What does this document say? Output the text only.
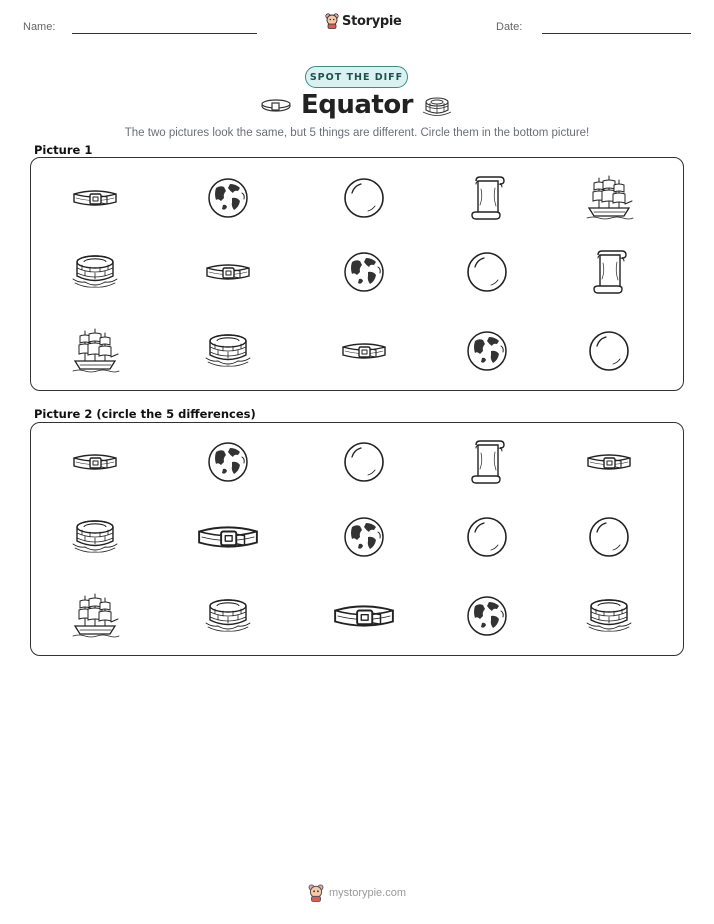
Name:	Storypie	Date:
SPOT THE DIFF
Equator
The two pictures look the same, but 5 things are different. Circle them in the bottom picture!
Picture 1
Picture 2 (circle the 5 differences)
mystorypie.com
